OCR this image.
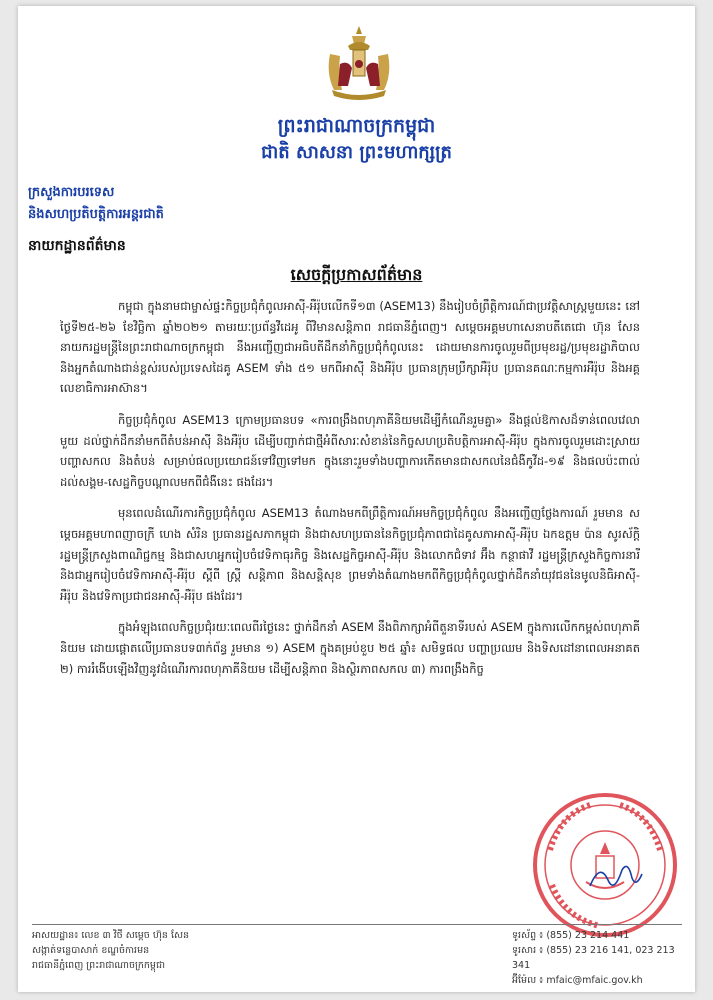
ព្រះរាជាណាចក្រកម្ពុជា
ជាតិ សាសនា ព្រះមហាក្សត្រ
ក្រសួងការបរទេស
និងសហប្រតិបត្តិការអន្តរជាតិ
នាយកដ្ឋានព័ត៌មាន
សេចក្តីប្រកាសព័ត៌មាន

កម្ពុជា ក្នុងនាមជាម្ចាស់ផ្ទះកិច្ចប្រជុំកំពូលអាស៊ី-អឺរ៉ុបលើកទី១៣ (ASEM13) នឹងរៀបចំព្រឹត្តិការណ៍ជាប្រវត្តិសាស្ត្រមួយនេះ នៅថ្ងៃទី២៥-២៦ ខែវិច្ឆិកា ឆ្នាំ២០២១ តាមរយៈប្រព័ន្ធវីដេអូ ពីវិមានសន្តិភាព រាជធានីភ្នំពេញ។ សម្តេចអគ្គមហាសេនាបតីតេជោ ហ៊ុន សែន នាយករដ្ឋមន្ត្រីនៃព្រះរាជាណាចក្រកម្ពុជា នឹងអញ្ជើញជាអធិបតីដឹកនាំកិច្ចប្រជុំកំពូលនេះ ដោយមានការចូលរួមពីប្រមុខរដ្ឋ/ប្រមុខរដ្ឋាភិបាល និងអ្នកតំណាងជាន់ខ្ពស់របស់ប្រទេសដៃគូ ASEM ទាំង ៥១ មកពីអាស៊ី និងអឺរ៉ុប ប្រធានក្រុមប្រឹក្សាអឺរ៉ុប ប្រធានគណៈកម្មការអឺរ៉ុប និងអគ្គលេខាធិការអាស៊ាន។

កិច្ចប្រជុំកំពូល ASEM13 ក្រោមប្រធានបទ «ការពង្រឹងពហុភាគីនិយមដើម្បីកំណើនរួមគ្នា» នឹងផ្តល់ឱកាសដ៏ទាន់ពេលវេលាមួយ ដល់ថ្នាក់ដឹកនាំមកពីតំបន់អាស៊ី និងអឺរ៉ុប ដើម្បីបញ្ជាក់ជាថ្មីអំពីសារៈសំខាន់នៃកិច្ចសហប្រតិបត្តិការអាស៊ី-អឺរ៉ុប ក្នុងការចូលរួមដោះស្រាយបញ្ហាសកល និងតំបន់ សម្រាប់ផលប្រយោជន៍ទៅវិញទៅមក ក្នុងនោះរួមទាំងបញ្ហាការកើតមានជាសកលនៃជំងឺកូវីដ-១៩ និងផលប៉ះពាល់ដល់សង្គម-សេដ្ឋកិច្ចបណ្តាលមកពីជំងឺនេះ ផងដែរ។

មុនពេលដំណើរការកិច្ចប្រជុំកំពូល ASEM13 តំណាងមកពីព្រឹត្តិការណ៍អមកិច្ចប្រជុំកំពូល នឹងអញ្ជើញថ្លែងការណ៍ រួមមាន សម្តេចអគ្គមហាពញាចក្រី ហេង សំរិន ប្រធានរដ្ឋសភាកម្ពុជា និងជាសហប្រធាននៃកិច្ចប្រជុំភាពជាដៃគូសភាអាស៊ី-អឺរ៉ុប ឯកឧត្តម ប៉ាន សូរស័ក្តិ រដ្ឋមន្ត្រីក្រសួងពាណិជ្ជកម្ម និងជាសហអ្នករៀបចំវេទិកាធុរកិច្ច និងសេដ្ឋកិច្ចអាស៊ី-អឺរ៉ុប និងលោកជំទាវ អ៊ឹង កន្ថាផាវី រដ្ឋមន្ត្រីក្រសួងកិច្ចការនារី និងជាអ្នករៀបចំវេទិកាអាស៊ី-អឺរ៉ុប ស្តីពី ស្ត្រី សន្តិភាព និងសន្តិសុខ ព្រមទាំងតំណាងមកពីកិច្ចប្រជុំកំពូលថ្នាក់ដឹកនាំយុវជននៃមូលនិធិអាស៊ី-អឺរ៉ុប និងវេទិកាប្រជាជនអាស៊ី-អឺរ៉ុប ផងដែរ។

ក្នុងអំឡុងពេលកិច្ចប្រជុំរយៈពេលពីរថ្ងៃនេះ ថ្នាក់ដឹកនាំ ASEM នឹងពិភាក្សាអំពីតួនាទីរបស់ ASEM ក្នុងការលើកកម្ពស់ពហុភាគីនិយម ដោយផ្តោតលើប្រធានបទ៣ក់ព័ន្ធ រួមមាន ១) ASEM ក្នុងគម្រប់ខួប ២៥ ឆ្នាំ៖ សមិទ្ធផល បញ្ហាប្រឈម និងទិសដៅនាពេលអនាគត ២) ការរំងើបឡើងវិញនូវដំណើរការពហុភាគីនិយម ដើម្បីសន្តិភាព និងស្ថិរភាពសកល ៣) ការពង្រឹងកិច្ច

អាសយដ្ឋាន៖ លេខ ៣ វិថី សម្តេច ហ៊ុន សែន
សង្កាត់ទន្លេបាសាក់ ខណ្ឌចំការមន
រាជធានីភ្នំពេញ ព្រះរាជាណាចក្រកម្ពុជា
ទូរស័ព្ទ ៖ (855) 23 214 441
ទូរសារ ៖ (855) 23 216 141, 023 213 341
អ៊ីម៉ែល ៖ mfaic@mfaic.gov.kh
